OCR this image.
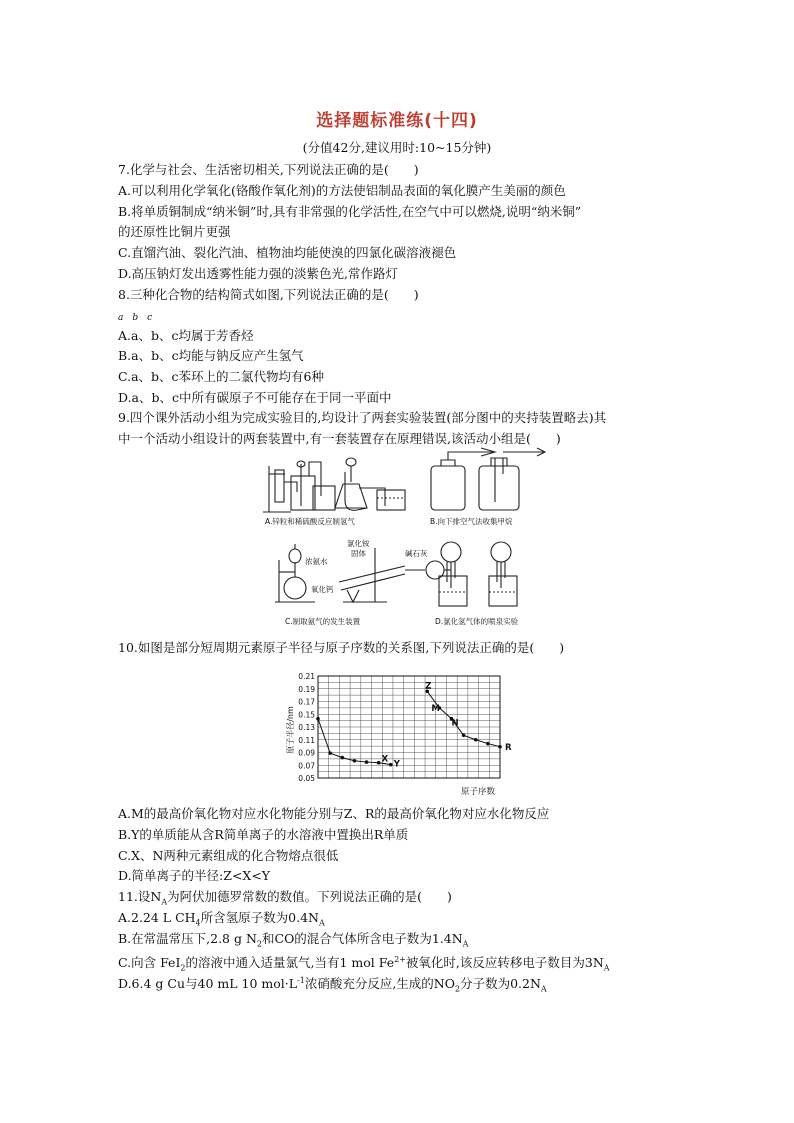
选择题标准练(十四)
(分值42分,建议用时:10~15分钟)
7.化学与社会、生活密切相关,下列说法正确的是(　　)
A.可以利用化学氧化(铬酸作氧化剂)的方法使铝制品表面的氧化膜产生美丽的颜色
B.将单质铜制成“纳米铜”时,具有非常强的化学活性,在空气中可以燃烧,说明“纳米铜”
的还原性比铜片更强
C.直馏汽油、裂化汽油、植物油均能使溴的四氯化碳溶液褪色
D.高压钠灯发出透雾性能力强的淡紫色光,常作路灯
8.三种化合物的结构简式如图,下列说法正确的是(　　)
a　b　c
A.a、b、c均属于芳香烃
B.a、b、c均能与钠反应产生氢气
C.a、b、c苯环上的二氯代物均有6种
D.a、b、c中所有碳原子不可能存在于同一平面中
9.四个课外活动小组为完成实验目的,均设计了两套实验装置(部分图中的夹持装置略去)其
中一个活动小组设计的两套装置中,有一套装置存在原理错误,该活动小组是(　　)
A.锌粒和稀硫酸反应制氢气	B.向下排空气法收集甲烷
C.制取氨气的发生装置	D.氯化氢气体的喷泉实验
浓氨水
氧化钙
氯化铵
固体	碱石灰
10.如图是部分短周期元素原子半径与原子序数的关系图,下列说法正确的是(　　)
0.21
0.19
0.17
0.15
0.13
0.11
0.09
0.07
0.05
X Y
Z
M
N
R
原子半径/nm
原子序数
A.M的最高价氧化物对应水化物能分别与Z、R的最高价氧化物对应水化物反应
B.Y的单质能从含R简单离子的水溶液中置换出R单质
C.X、N两种元素组成的化合物熔点很低
D.简单离子的半径:Z<X<Y
11.设$N_A$为阿伏加德罗常数的数值。下列说法正确的是(　　)
A.2.24 L $CH_4$所含氢原子数为$0.4N_A$
B.在常温常压下,2.8 g $N_2$和CO的混合气体所含电子数为$1.4N_A$
C.向含 FeI$_2$的溶液中通入适量氯气,当有1 mol $Fe^{2+}$被氧化时,该反应转移电子数目为$3N_A$
D.6.4 g Cu与40 mL 10 $mol\cdot L^{-1}$浓硝酸充分反应,生成的$NO_2$分子数为$0.2N_A$
